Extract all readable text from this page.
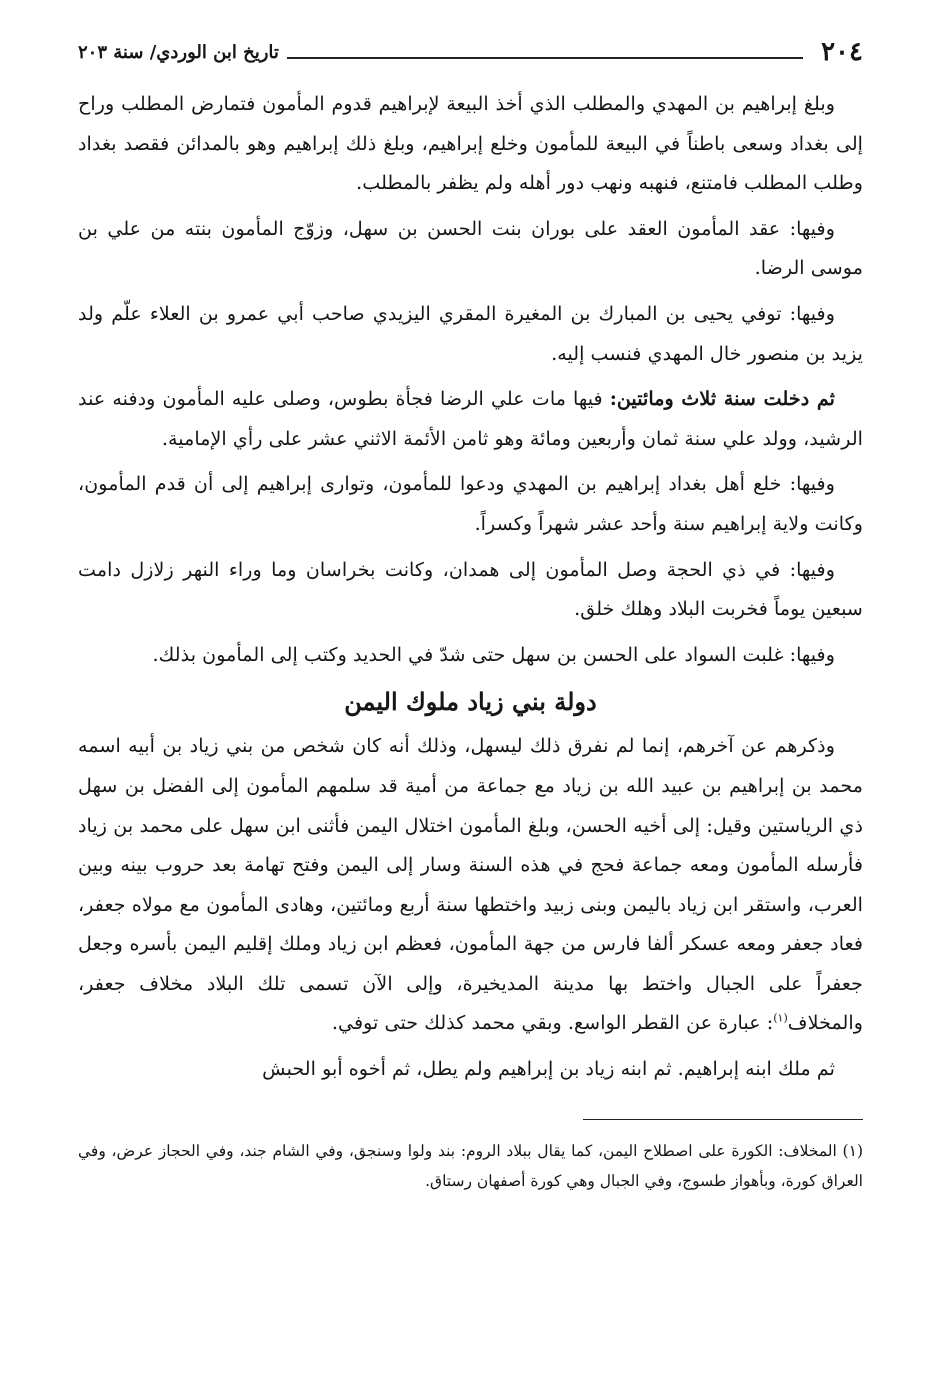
٢٠٤
تاريخ ابن الوردي/ سنة ٢٠٣

وبلغ إبراهيم بن المهدي والمطلب الذي أخذ البيعة لإبراهيم قدوم المأمون فتمارض المطلب وراح إلى بغداد وسعى باطناً في البيعة للمأمون وخلع إبراهيم، وبلغ ذلك إبراهيم وهو بالمدائن فقصد بغداد وطلب المطلب فامتنع، فنهبه ونهب دور أهله ولم يظفر بالمطلب.

وفيها: عقد المأمون العقد على بوران بنت الحسن بن سهل، وزوّج المأمون بنته من علي بن موسى الرضا.

وفيها: توفي يحيى بن المبارك بن المغيرة المقري اليزيدي صاحب أبي عمرو بن العلاء علّم ولد يزيد بن منصور خال المهدي فنسب إليه.

ثم دخلت سنة ثلاث ومائتين: فيها مات علي الرضا فجأة بطوس، وصلى عليه المأمون ودفنه عند الرشيد، وولد علي سنة ثمان وأربعين ومائة وهو ثامن الأئمة الاثني عشر على رأي الإمامية.

وفيها: خلع أهل بغداد إبراهيم بن المهدي ودعوا للمأمون، وتوارى إبراهيم إلى أن قدم المأمون، وكانت ولاية إبراهيم سنة وأحد عشر شهراً وكسراً.

وفيها: في ذي الحجة وصل المأمون إلى همدان، وكانت بخراسان وما وراء النهر زلازل دامت سبعين يوماً فخربت البلاد وهلك خلق.

وفيها: غلبت السواد على الحسن بن سهل حتى شدّ في الحديد وكتب إلى المأمون بذلك.

دولة بني زياد ملوك اليمن

وذكرهم عن آخرهم، إنما لم نفرق ذلك ليسهل، وذلك أنه كان شخص من بني زياد بن أبيه اسمه محمد بن إبراهيم بن عبيد الله بن زياد مع جماعة من أمية قد سلمهم المأمون إلى الفضل بن سهل ذي الرياستين وقيل: إلى أخيه الحسن، وبلغ المأمون اختلال اليمن فأثنى ابن سهل على محمد بن زياد فأرسله المأمون ومعه جماعة فحج في هذه السنة وسار إلى اليمن وفتح تهامة بعد حروب بينه وبين العرب، واستقر ابن زياد باليمن وبنى زبيد واختطها سنة أربع ومائتين، وهادى المأمون مع مولاه جعفر، فعاد جعفر ومعه عسكر ألفا فارس من جهة المأمون، فعظم ابن زياد وملك إقليم اليمن بأسره وجعل جعفراً على الجبال واختط بها مدينة المديخيرة، وإلى الآن تسمى تلك البلاد مخلاف جعفر، والمخلاف$^{(١)}$: عبارة عن القطر الواسع. وبقي محمد كذلك حتى توفي.

ثم ملك ابنه إبراهيم. ثم ابنه زياد بن إبراهيم ولم يطل، ثم أخوه أبو الحبش

(١) المخلاف: الكورة على اصطلاح اليمن، كما يقال ببلاد الروم: بند ولوا وسنجق، وفي الشام جند، وفي الحجاز عرض، وفي العراق كورة، وبأهواز طسوج، وفي الجبال وهي كورة أصفهان رستاق.
